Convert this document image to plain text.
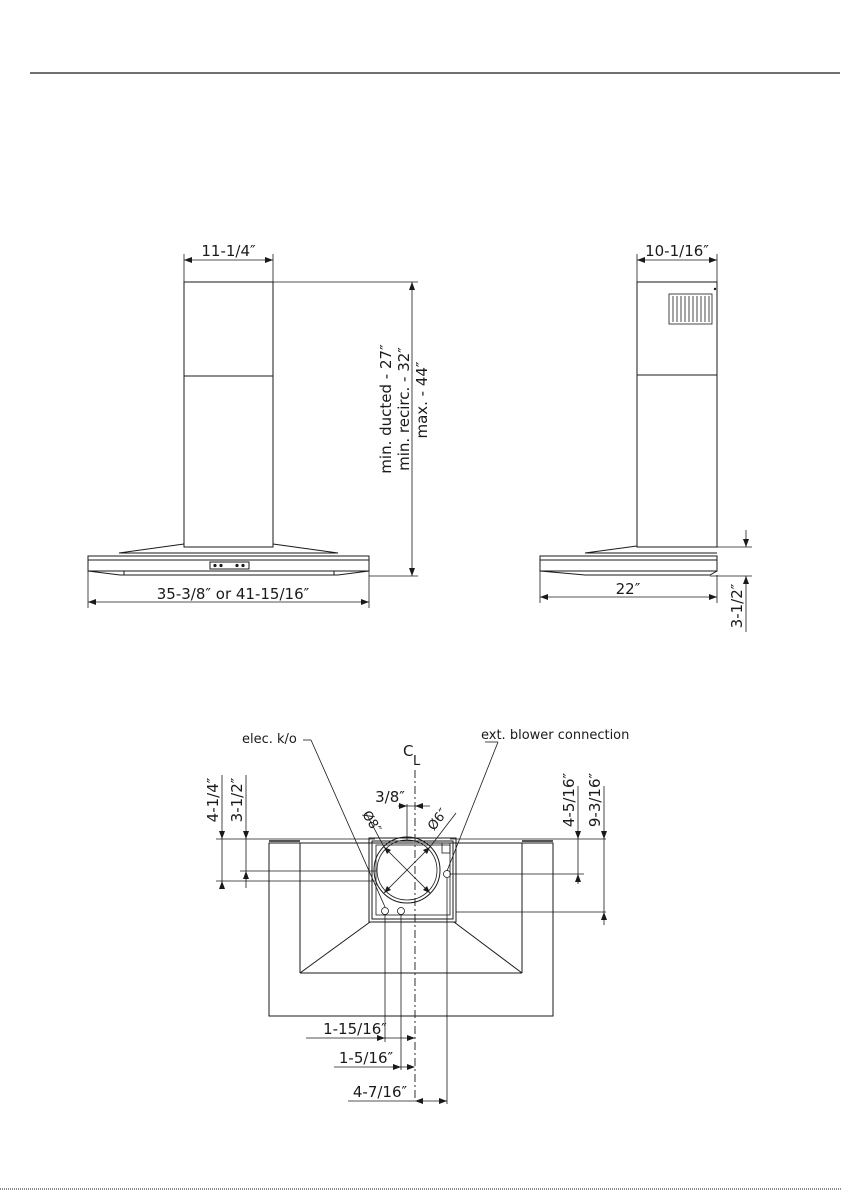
11-1/4″
min. ducted - 27″ min. recirc. - 32″ max. - 44″
35-3/8″ or 41-15/16″
10-1/16″
22″	3-1/2″
Ø8″	Ø6″
C
L
elec. k/o	ext. blower connection
3/8″
4-1/4″ 3-1/2″	4-5/16″ 9-3/16″
1-15/16″
1-5/16″
4-7/16″
